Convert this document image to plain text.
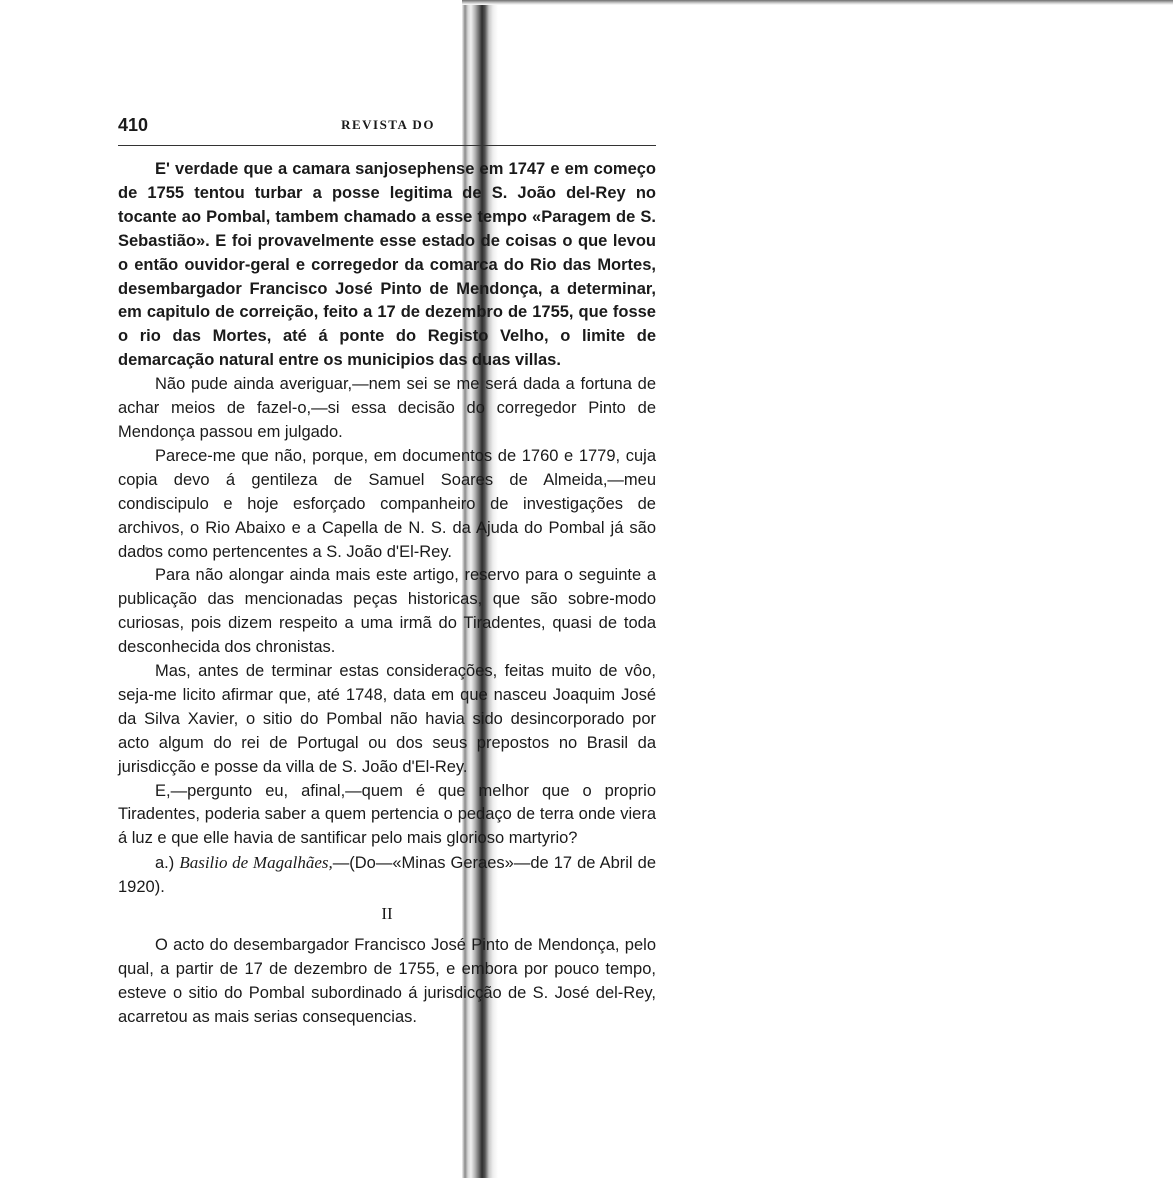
410	REVISTA DO

E' verdade que a camara sanjosephense em 1747 e em começo de 1755 tentou turbar a posse legitima de S. João del-Rey no tocante ao Pombal, tambem chamado a esse tempo «Paragem de S. Sebastião». E foi provavelmente esse estado de coisas o que levou o então ouvidor-geral e corregedor da comarca do Rio das Mortes, desembargador Francisco José Pinto de Mendonça, a determinar, em capitulo de correição, feito a 17 de dezembro de 1755, que fosse o rio das Mortes, até á ponte do Registo Velho, o limite de demarcação natural entre os municipios das duas villas.

Não pude ainda averiguar,—nem sei se me será dada a fortuna de achar meios de fazel-o,—si essa decisão do corregedor Pinto de Mendonça passou em julgado.

Parece-me que não, porque, em documentos de 1760 e 1779, cuja copia devo á gentileza de Samuel Soares de Almeida,—meu condiscipulo e hoje esforçado companheiro de investigações de archivos, o Rio Abaixo e a Capella de N. S. da Ajuda do Pombal já são dados como pertencentes a S. João d'El-Rey.

Para não alongar ainda mais este artigo, reservo para o seguinte a publicação das mencionadas peças historicas, que são sobre-modo curiosas, pois dizem respeito a uma irmã do Tiradentes, quasi de toda desconhecida dos chronistas.

Mas, antes de terminar estas considerações, feitas muito de vôo, seja-me licito afirmar que, até 1748, data em que nasceu Joaquim José da Silva Xavier, o sitio do Pombal não havia sido desincorporado por acto algum do rei de Portugal ou dos seus prepostos no Brasil da jurisdicção e posse da villa de S. João d'El-Rey.

E,—pergunto eu, afinal,—quem é que melhor que o proprio Tiradentes, poderia saber a quem pertencia o pedaço de terra onde viera á luz e que elle havia de santificar pelo mais glorioso martyrio?

a.) Basilio de Magalhães,—(Do—«Minas Geraes»—de 17 de Abril de 1920).

II

O acto do desembargador Francisco José Pinto de Mendonça, pelo qual, a partir de 17 de dezembro de 1755, e embora por pouco tempo, esteve o sitio do Pombal subordinado á jurisdicção de S. José del-Rey, acarretou as mais serias consequencias.
